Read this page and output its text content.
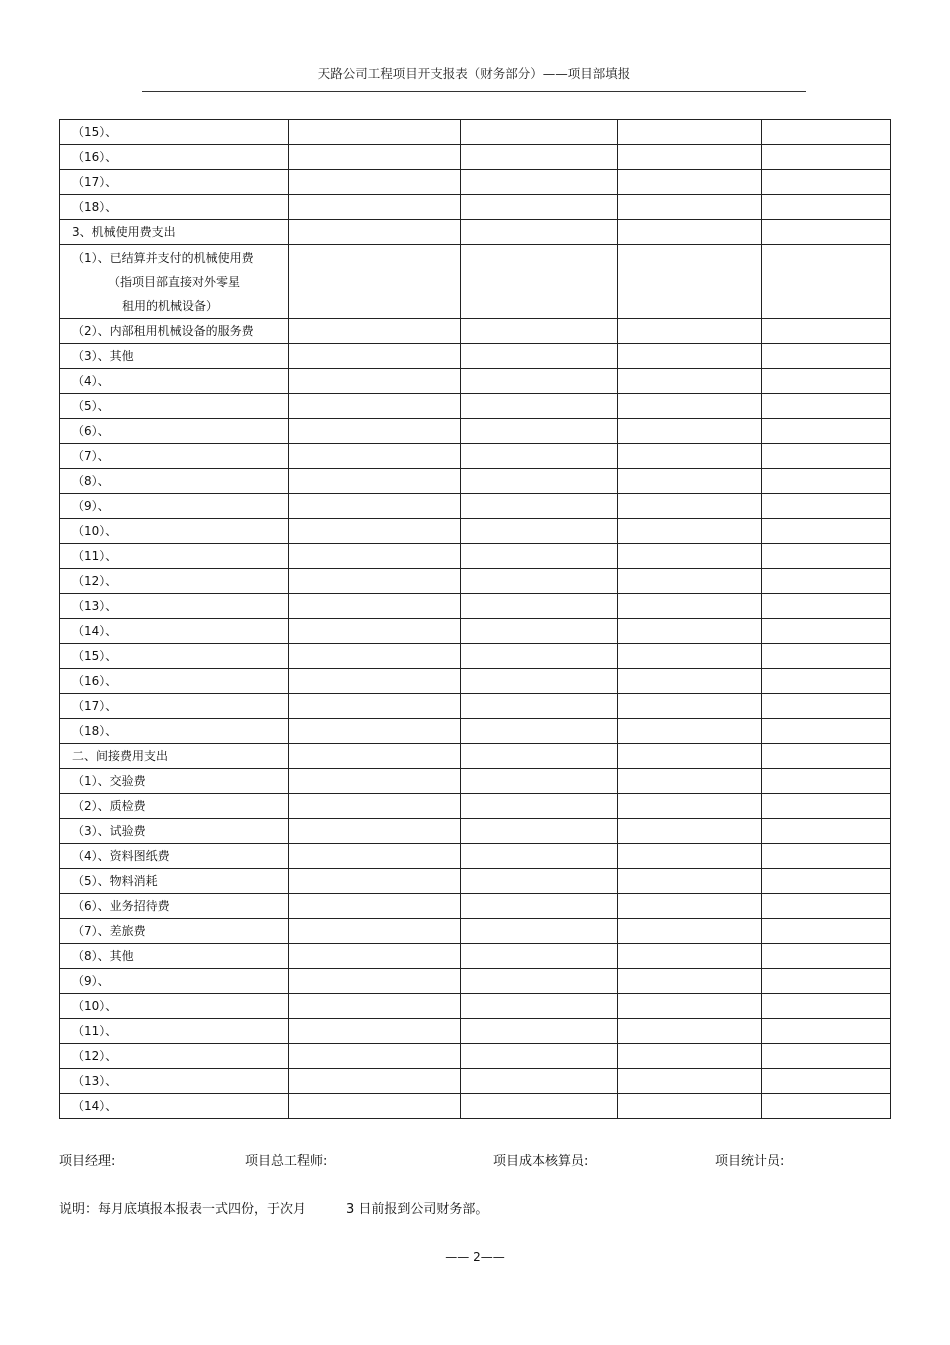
天路公司工程项目开支报表（财务部分）——项目部填报
（15）、				
（16）、				
（17）、				
（18）、				
3、机械使用费支出				

（1）、已结算并支付的机械使用费
（指项目部直接对外零星
租用的机械设备）				

（2）、内部租用机械设备的服务费				
（3）、其他				
（4）、				
（5）、				
（6）、				
（7）、				
（8）、				
（9）、				
（10）、				
（11）、				
（12）、				
（13）、				
（14）、				
（15）、				
（16）、				
（17）、				
（18）、				
二、间接费用支出				
（1）、交验费				
（2）、质检费				
（3）、试验费				
（4）、资料图纸费				
（5）、物料消耗				
（6）、业务招待费				
（7）、差旅费				
（8）、其他				
（9）、				
（10）、				
（11）、				
（12）、				
（13）、				
（14）、				
项目经理:	项目总工程师:	项目成本核算员:	项目统计员:
说明：每月底填报本报表一式四份，于次月	3 日前报到公司财务部。
—— 2——
